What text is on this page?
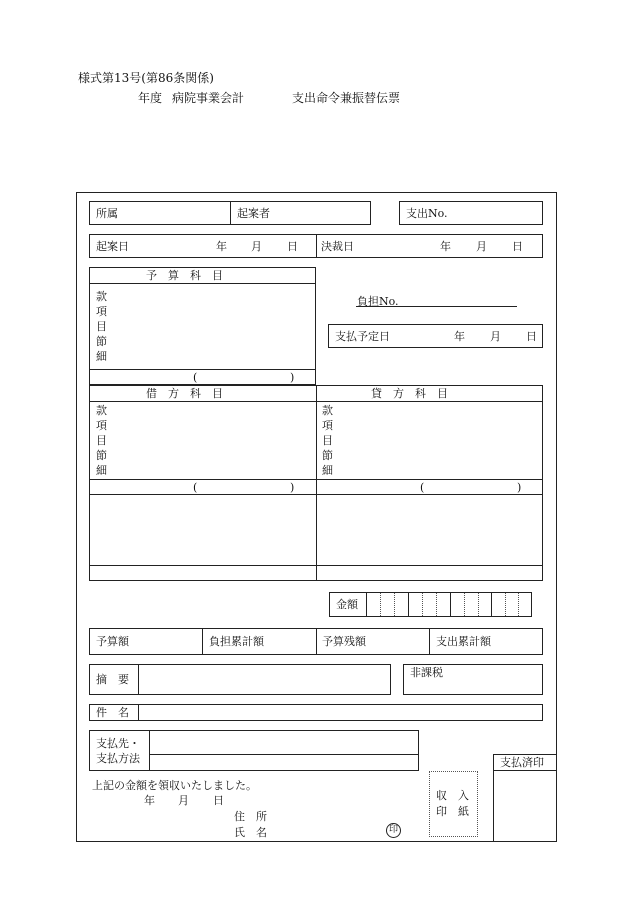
様式第13号(第86条関係)
年度 病院事業会計	支出命令兼振替伝票
所属	起案者	支出No.
起案日	年 月 日 決裁日	年 月 日
予　算　科　目
款
項
目
節
細
(	)
負担No.
支払予定日	年 月 日
借　方　科　目
款
項
目
節
細
(	)
貸　方　科　目
款
項
目
節
細
(	)
金額
予算額	負担累計額	予算残額	支出累計額
摘　要
非課税
件　名
支払先・
支払方法	支払済印
上記の金額を領収いたしました。
年 月 日
住　所
氏　名	印
収　入
印　紙
